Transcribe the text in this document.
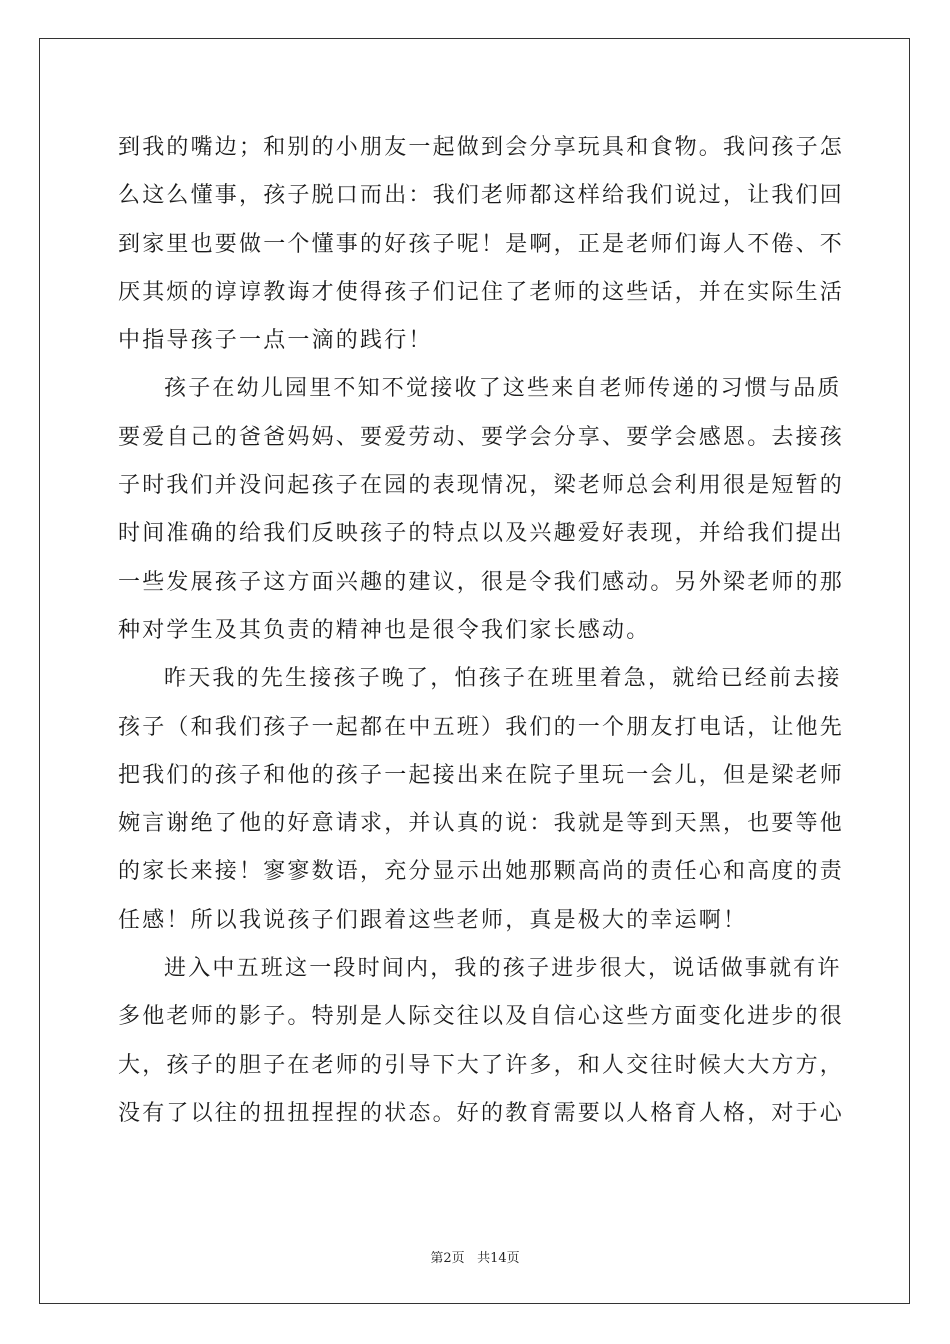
到我的嘴边；和别的小朋友一起做到会分享玩具和食物。我问孩子怎
么这么懂事，孩子脱口而出：我们老师都这样给我们说过，让我们回
到家里也要做一个懂事的好孩子呢！是啊，正是老师们诲人不倦、不
厌其烦的谆谆教诲才使得孩子们记住了老师的这些话，并在实际生活
中指导孩子一点一滴的践行！
孩子在幼儿园里不知不觉接收了这些来自老师传递的习惯与品质
要爱自己的爸爸妈妈、要爱劳动、要学会分享、要学会感恩。去接孩
子时我们并没问起孩子在园的表现情况，梁老师总会利用很是短暂的
时间准确的给我们反映孩子的特点以及兴趣爱好表现，并给我们提出
一些发展孩子这方面兴趣的建议，很是令我们感动。另外梁老师的那
种对学生及其负责的精神也是很令我们家长感动。
昨天我的先生接孩子晚了，怕孩子在班里着急，就给已经前去接
孩子（和我们孩子一起都在中五班）我们的一个朋友打电话，让他先
把我们的孩子和他的孩子一起接出来在院子里玩一会儿，但是梁老师
婉言谢绝了他的好意请求，并认真的说：我就是等到天黑，也要等他
的家长来接！寥寥数语，充分显示出她那颗高尚的责任心和高度的责
任感！所以我说孩子们跟着这些老师，真是极大的幸运啊！
进入中五班这一段时间内，我的孩子进步很大，说话做事就有许
多他老师的影子。特别是人际交往以及自信心这些方面变化进步的很
大，孩子的胆子在老师的引导下大了许多，和人交往时候大大方方，
没有了以往的扭扭捏捏的状态。好的教育需要以人格育人格，对于心
第2页 共14页
